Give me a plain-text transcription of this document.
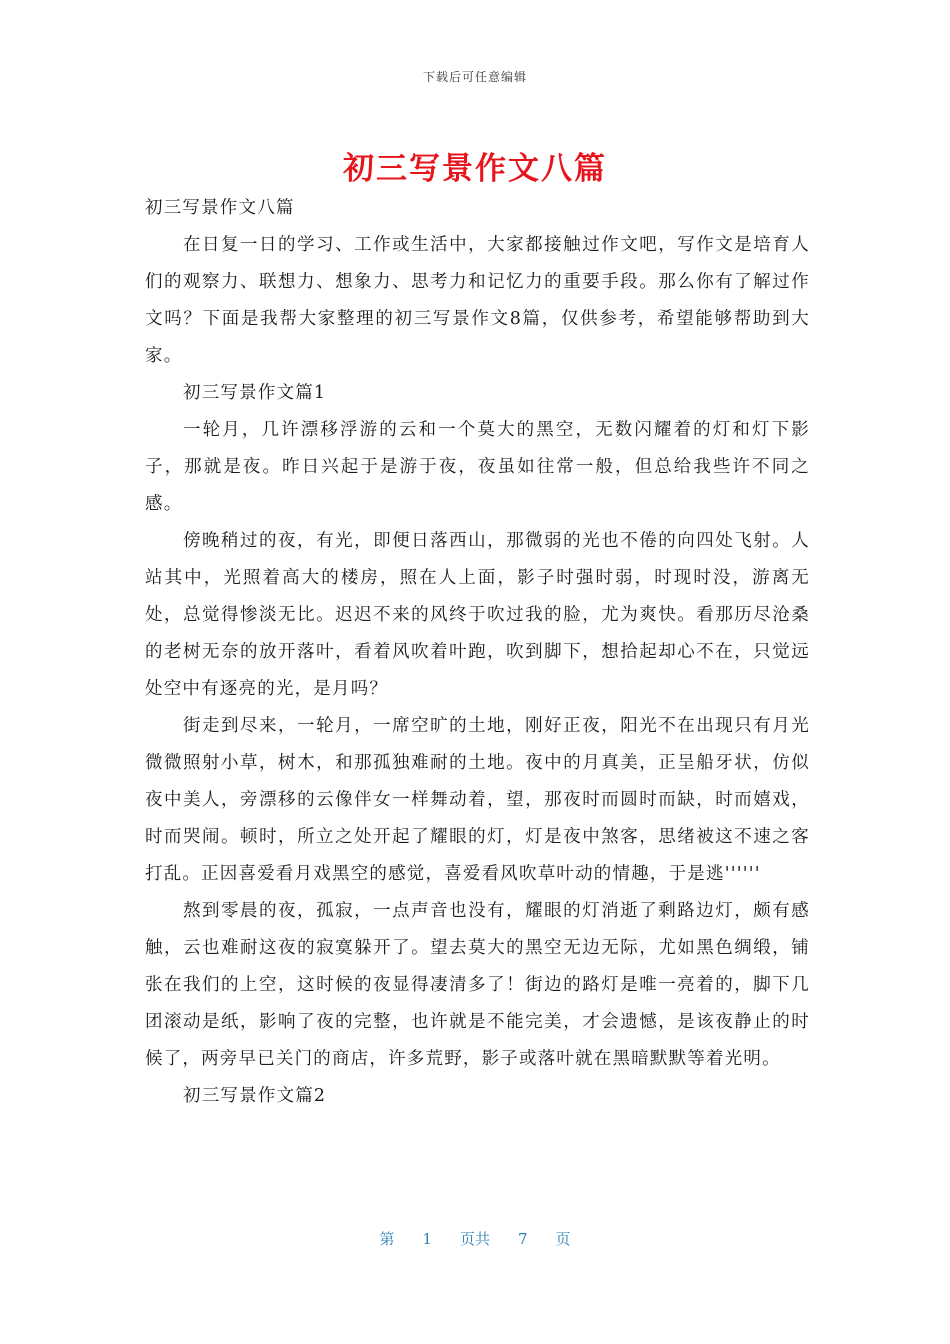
下载后可任意编辑
初三写景作文八篇

初三写景作文八篇

在日复一日的学习、工作或生活中，大家都接触过作文吧，写作文是培育人们的观察力、联想力、想象力、思考力和记忆力的重要手段。那么你有了解过作文吗？下面是我帮大家整理的初三写景作文8篇，仅供参考，希望能够帮助到大家。

初三写景作文篇1

一轮月，几许漂移浮游的云和一个莫大的黑空，无数闪耀着的灯和灯下影子，那就是夜。昨日兴起于是游于夜，夜虽如往常一般，但总给我些许不同之感。

傍晚稍过的夜，有光，即便日落西山，那微弱的光也不倦的向四处飞射。人站其中，光照着高大的楼房，照在人上面，影子时强时弱，时现时没，游离无处，总觉得惨淡无比。迟迟不来的风终于吹过我的脸，尤为爽快。看那历尽沧桑的老树无奈的放开落叶，看着风吹着叶跑，吹到脚下，想拾起却心不在，只觉远处空中有逐亮的光，是月吗？

街走到尽来，一轮月，一席空旷的土地，刚好正夜，阳光不在出现只有月光微微照射小草，树木，和那孤独难耐的土地。夜中的月真美，正呈船牙状，仿似夜中美人，旁漂移的云像伴女一样舞动着，望，那夜时而圆时而缺，时而嬉戏，时而哭闹。顿时，所立之处开起了耀眼的灯，灯是夜中煞客，思绪被这不速之客打乱。正因喜爱看月戏黑空的感觉，喜爱看风吹草叶动的情趣，于是逃''''''

熬到零晨的夜，孤寂，一点声音也没有，耀眼的灯消逝了剩路边灯，颇有感触，云也难耐这夜的寂寞躲开了。望去莫大的黑空无边无际，尤如黑色绸缎，铺张在我们的上空，这时候的夜显得凄清多了！街边的路灯是唯一亮着的，脚下几团滚动是纸，影响了夜的完整，也许就是不能完美，才会遗憾，是该夜静止的时候了，两旁早已关门的商店，许多荒野，影子或落叶就在黑暗默默等着光明。

初三写景作文篇2

第 1 页共 7 页
